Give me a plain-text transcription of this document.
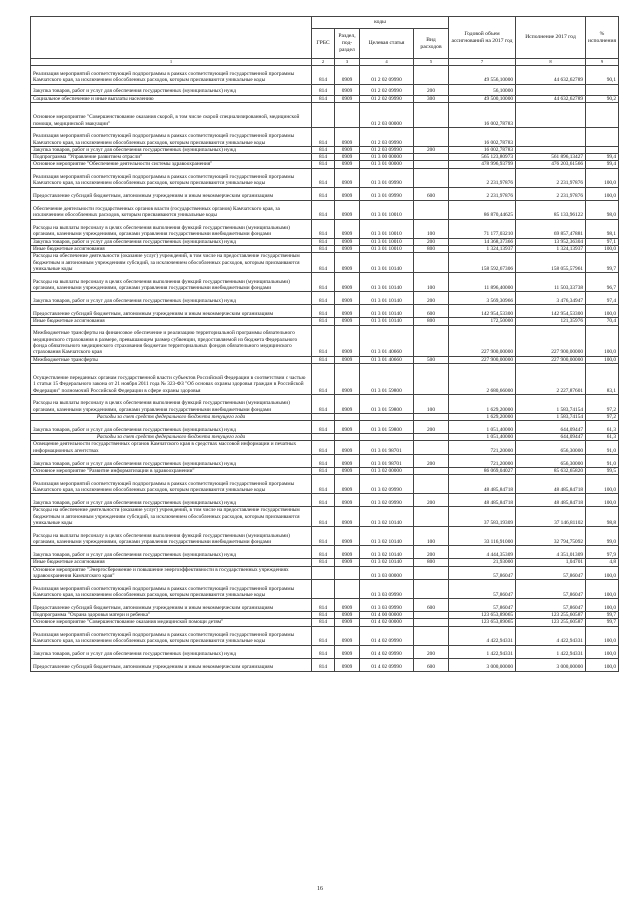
	коды				Годовой объем ассигнований на 2017 год	Исполнение 2017 год	% исполнения
	ГРБС	Раздел, под-раздел	Целевая статья	Вид расходов			
1	2	3	4	5	7	8	9
Реализация мероприятий соответствующей подпрограммы в рамках соответствующей государственной программы Камчатского края, за исключением обособленных расходов, которым присваиваются уникальные коды	814	0909	01 2 02 09990		49 556,10000	44 632,62789	90,1
Закупка товаров, работ и услуг для обеспечения государственных (муниципальных) нужд	814	0909	01 2 02 09990	200	56,10000		
Социальное обеспечение и иные выплаты населению	814	0909	01 2 02 09990	300	49 500,10000	44 632,62789	90,2
Основное мероприятие "Совершенствование оказания скорой, в том числе скорой специализированной, медицинской помощи, медицинской эвакуации"			01 2 03 00000		16 002,78783		
Реализация мероприятий соответствующей подпрограммы в рамках соответствующей государственной программы Камчатского края, за исключением обособленных расходов, которым присваиваются уникальные коды	814	0909	01 2 03 09990		16 002,78783		
Закупка товаров, работ и услуг для обеспечения государственных (муниципальных) нужд	814	0909	01 2 03 09990	200	16 002,78783		
Подпрограмма "Управление развитием отрасли"	814	0909	01 3 00 00000		565 123,80973	561 896,13427	99,4
Основное мероприятие "Обеспечение деятельности системы здравоохранения"	814	0909	01 3 01 00000		478 996,93799	476 203,61566	99,4
Реализация мероприятий соответствующей подпрограммы в рамках соответствующей государственной программы Камчатского края, за исключением обособленных расходов, которым присваиваются уникальные коды	814	0909	01 3 01 09990		2 231,97876	2 231,97876	100,0
Предоставление субсидий бюджетным, автономным учреждениям и иным некоммерческим организациям	814	0909	01 3 01 09990	600	2 231,97876	2 231,97876	100,0
Обеспечение деятельности государственных органов власти (государственных органов) Камчатского края, за исключением обособленных расходов, которым присваиваются уникальные коды	814	0909	01 3 01 10010		86 870,44625	85 133,96122	98,0
Расходы на выплаты персоналу в целях обеспечения выполнения функций государственными (муниципальными) органами, казенными учреждениями, органами управления государственными внебюджетными фондами	814	0909	01 3 01 10010	100	71 177,03210	69 857,47881	98,1
Закупка товаров, работ и услуг для обеспечения государственных (муниципальных) нужд	814	0909	01 3 01 10010	200	14 368,37366	13 952,36304	97,1
Иные бюджетные ассигнования	814	0909	01 3 01 10010	800	1 324,13937	1 324,13937	100,0
Расходы на обеспечение деятельности (оказание услуг) учреждений, в том числе на предоставление государственным бюджетным и автономным учреждениям субсидий, за исключением обособленных расходов, которым присваиваются уникальные коды	814	0909	01 3 01 10140		158 592,67306	158 055,57961	99,7
Расходы на выплаты персоналу в целях обеспечения выполнения функций государственными (муниципальными) органами, казенными учреждениями, органами управления государственными внебюджетными фондами	814	0909	01 3 01 10140	100	11 896,40000	11 503,33738	96,7
Закупка товаров, работ и услуг для обеспечения государственных (муниципальных) нужд	814	0909	01 3 01 10140	200	3 569,30966	3 476,34947	97,4
Предоставление субсидий бюджетным, автономным учреждениям и иным некоммерческим организациям	814	0909	01 3 01 10140	600	142 954,53300	142 954,53300	100,0
Иные бюджетные ассигнования	814	0909	01 3 01 10140	800	172,50000	121,35976	70,4
Межбюджетные трансферты на финансовое обеспечение и реализацию территориальной программы обязательного медицинского страхования в размере, превышающем размер субвенции, предоставляемой из бюджета Федерального фонда обязательного медицинского страхования бюджетам территориальных фондов обязательного медицинского страхования Камчатского края	814	0909	01 3 01 40660		227 900,00000	227 900,00000	100,0
Межбюджетные трансферты	814	0909	01 3 01 40660	500	227 900,00000	227 900,00000	100,0
Осуществление переданных органам государственной власти субъектов Российской Федерации в соответствии с частью 1 статьи 15 Федерального закона от 21 ноября 2011 года № 323-ФЗ "Об основах охраны здоровья граждан в Российской Федерации" полномочий Российской Федерации в сфере охраны здоровья	814	0909	01 3 01 59800		2 680,66000	2 227,87601	83,1
Расходы на выплаты персоналу в целях обеспечения выполнения функций государственными (муниципальными) органами, казенными учреждениями, органами управления государственными внебюджетными фондами	814	0909	01 3 01 59800	100	1 629,20000	1 583,74154	97,2
Расходы за счет средств федерального бюджета текущего года					1 629,20000	1 583,74154	97,2
Закупка товаров, работ и услуг для обеспечения государственных (муниципальных) нужд	814	0909	01 3 01 59800	200	1 051,40000	644,09447	61,3
Расходы за счет средств федерального бюджета текущего года					1 051,40000	644,09447	61,3
Освещение деятельности государственных органов Камчатского края в средствах массовой информации и печатных информационных агентствах	814	0909	01 3 01 98701		721,20000	656,30000	91,0
Закупка товаров, работ и услуг для обеспечения государственных (муниципальных) нужд	814	0909	01 3 01 98701	200	721,20000	656,30000	91,0
Основное мероприятие "Развитие информатизации в здравоохранении"	814	0909	01 3 02 00000		86 069,04027	85 632,65820	99,5
Реализация мероприятий соответствующей подпрограммы в рамках соответствующей государственной программы Камчатского края, за исключением обособленных расходов, которым присваиваются уникальные коды	814	0909	01 3 02 09990		48 485,84718	48 485,84718	100,0
Закупка товаров, работ и услуг для обеспечения государственных (муниципальных) нужд	814	0909	01 3 02 09990	200	48 485,84718	48 485,84718	100,0
Расходы на обеспечение деятельности (оказание услуг) учреждений, в том числе на предоставление государственным бюджетным и автономным учреждениям субсидий, за исключением обособленных расходов, которым присваиваются уникальные коды	814	0909	01 3 02 10140		37 583,19309	37 146,81102	98,8
Расходы на выплаты персоналу в целях обеспечения выполнения функций государственными (муниципальными) органами, казенными учреждениями, органами управления государственными внебюджетными фондами	814	0909	01 3 02 10140	100	33 116,91000	32 794,75092	99,0
Закупка товаров, работ и услуг для обеспечения государственных (муниципальных) нужд	814	0909	01 3 02 10140	200	4 444,35309	4 351,01309	97,9
Иные бюджетные ассигнования	814	0909	01 3 02 10140	800	21,93000	1,04701	4,8
Основное мероприятие "Энергосбережение и повышение энергоэффективности в государственных учреждениях здравоохранения Камчатского края"			01 3 03 00000		57,86047	57,86047	100,0
Реализация мероприятий соответствующей подпрограммы в рамках соответствующей государственной программы Камчатского края, за исключением обособленных расходов, которым присваиваются уникальные коды			01 3 03 09990		57,86047	57,86047	100,0
Предоставление субсидий бюджетным, автономным учреждениям и иным некоммерческим организациям	814	0909	01 3 03 09990	600	57,86047	57,86047	100,0
Подпрограмма "Охрана здоровья матери и ребенка"	814	0909	01 4 00 00000		123 653,89065	123 255,60587	99,7
Основное мероприятие "Совершенствование оказания медицинской помощи детям"	814	0909	01 4 02 00000		123 653,89065	123 255,60587	99,7
Реализация мероприятий соответствующей подпрограммы в рамках соответствующей государственной программы Камчатского края, за исключением обособленных расходов, которым присваиваются уникальные коды	814	0909	01 4 02 09990		4 422,94331	4 422,94331	100,0
Закупка товаров, работ и услуг для обеспечения государственных (муниципальных) нужд	814	0909	01 4 02 09990	200	1 422,94331	1 422,94331	100,0
Предоставление субсидий бюджетным, автономным учреждениям и иным некоммерческим организациям	814	0909	01 4 02 09990	600	3 000,00000	3 000,00000	100,0
16
